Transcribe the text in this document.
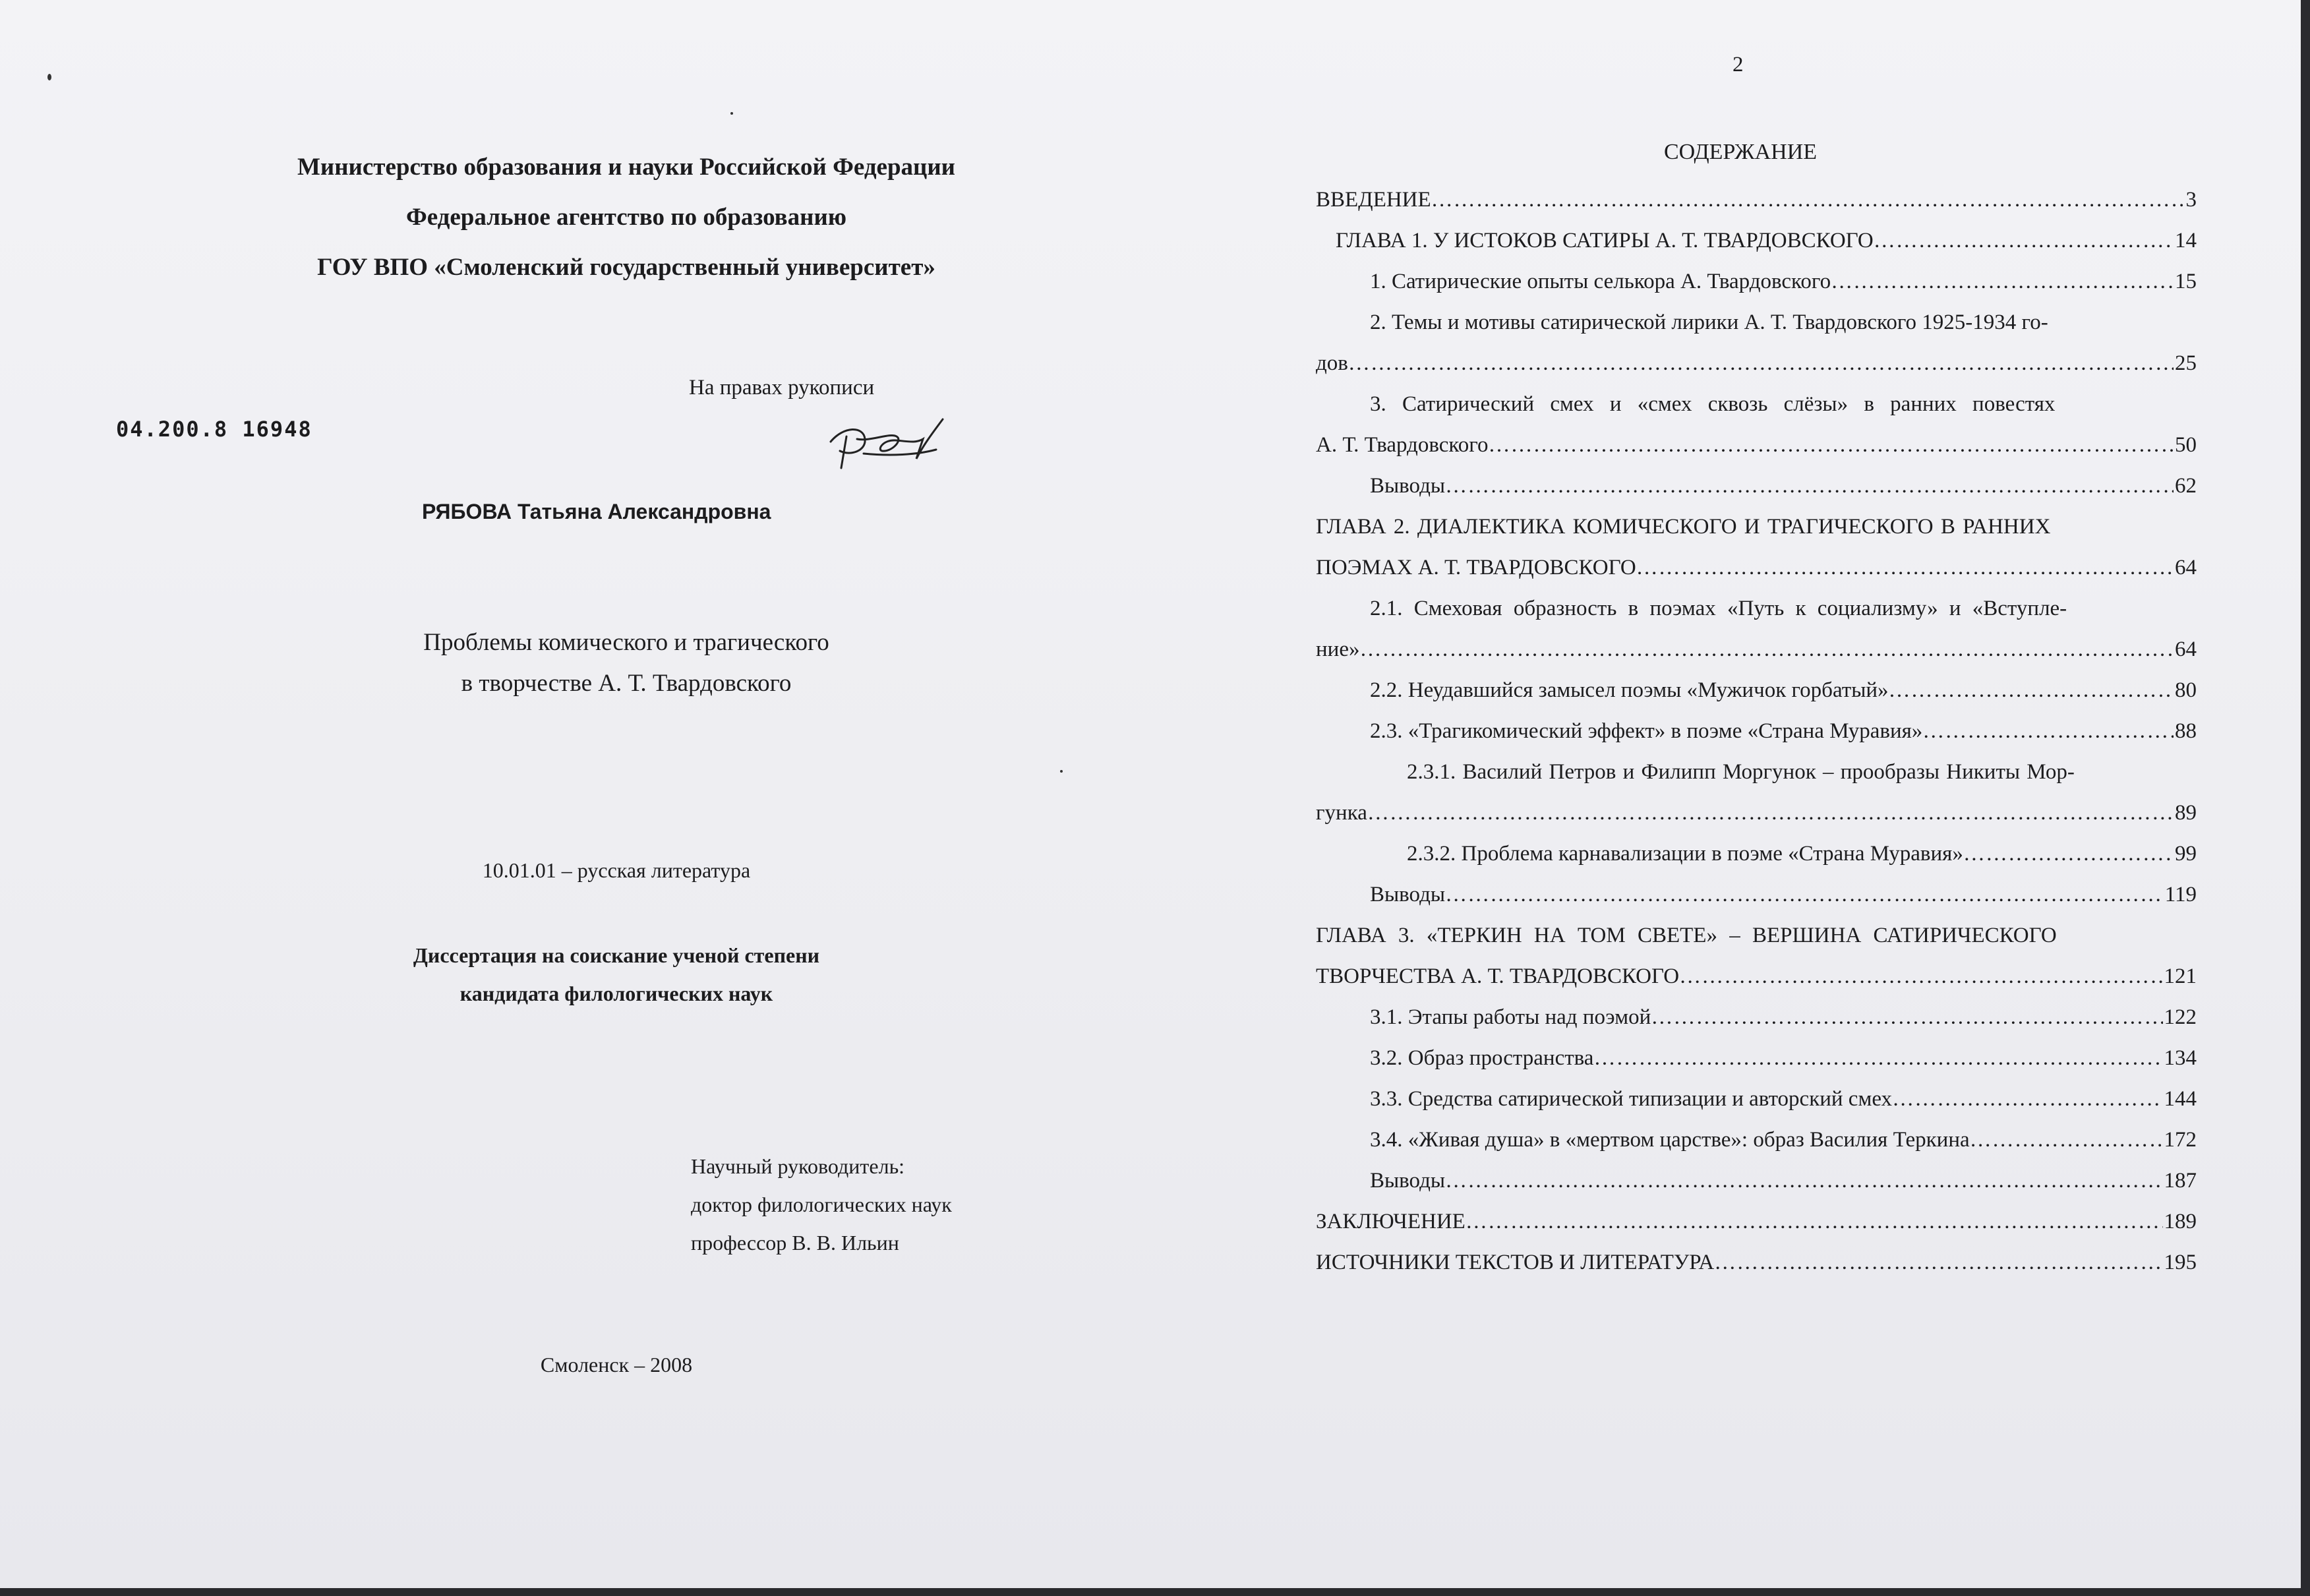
Министерство образования и науки Российской Федерации
Федеральное агентство по образованию
ГОУ ВПО «Смоленский государственный университет»
На правах рукописи
04.200.8 16948
РЯБОВА Татьяна Александровна
Проблемы комического и трагического
в творчестве А. Т. Твардовского
10.01.01 – русская литература
Диссертация на соискание ученой степени
кандидата филологических наук
Научный руководитель:
доктор филологических наук
профессор В. В. Ильин
Смоленск – 2008
2
СОДЕРЖАНИЕ
ВВЕДЕНИЕ ……………………………………………………………………………………………………………………………………………………………………………	3
ГЛАВА 1. У ИСТОКОВ САТИРЫ А. Т. ТВАРДОВСКОГО ……………………………………………………………………………………………………………………………………………………………………………	14
1. Сатирические опыты селькора А. Твардовского ……………………………………………………………………………………………………………………………………………………………………………	15
2. Темы и мотивы сатирической лирики А. Т. Твардовского 1925-1934 го-
дов ……………………………………………………………………………………………………………………………………………………………………………	25
3. Сатирический смех и «смех сквозь слёзы» в ранних повестях
А. Т. Твардовского ……………………………………………………………………………………………………………………………………………………………………………	50
Выводы ……………………………………………………………………………………………………………………………………………………………………………	62
ГЛАВА 2. ДИАЛЕКТИКА КОМИЧЕСКОГО И ТРАГИЧЕСКОГО В РАННИХ
ПОЭМАХ А. Т. ТВАРДОВСКОГО ……………………………………………………………………………………………………………………………………………………………………………	64
2.1. Смеховая образность в поэмах «Путь к социализму» и «Вступле-
ние» ……………………………………………………………………………………………………………………………………………………………………………	64
2.2. Неудавшийся замысел поэмы «Мужичок горбатый» ……………………………………………………………………………………………………………………………………………………………………………	80
2.3. «Трагикомический эффект» в поэме «Страна Муравия» ……………………………………………………………………………………………………………………………………………………………………………	88
2.3.1. Василий Петров и Филипп Моргунок – прообразы Никиты Мор-
гунка ……………………………………………………………………………………………………………………………………………………………………………	89
2.3.2. Проблема карнавализации в поэме «Страна Муравия» ……………………………………………………………………………………………………………………………………………………………………………	99
Выводы ……………………………………………………………………………………………………………………………………………………………………………	119
ГЛАВА 3. «ТЕРКИН НА ТОМ СВЕТЕ» – ВЕРШИНА САТИРИЧЕСКОГО
ТВОРЧЕСТВА А. Т. ТВАРДОВСКОГО ……………………………………………………………………………………………………………………………………………………………………………	121
3.1. Этапы работы над поэмой ……………………………………………………………………………………………………………………………………………………………………………	122
3.2. Образ пространства ……………………………………………………………………………………………………………………………………………………………………………	134
3.3. Средства сатирической типизации и авторский смех ……………………………………………………………………………………………………………………………………………………………………………	144
3.4. «Живая душа» в «мертвом царстве»: образ Василия Теркина ……………………………………………………………………………………………………………………………………………………………………………	172
Выводы ……………………………………………………………………………………………………………………………………………………………………………	187
ЗАКЛЮЧЕНИЕ ……………………………………………………………………………………………………………………………………………………………………………	189
ИСТОЧНИКИ ТЕКСТОВ И ЛИТЕРАТУРА ……………………………………………………………………………………………………………………………………………………………………………	195
